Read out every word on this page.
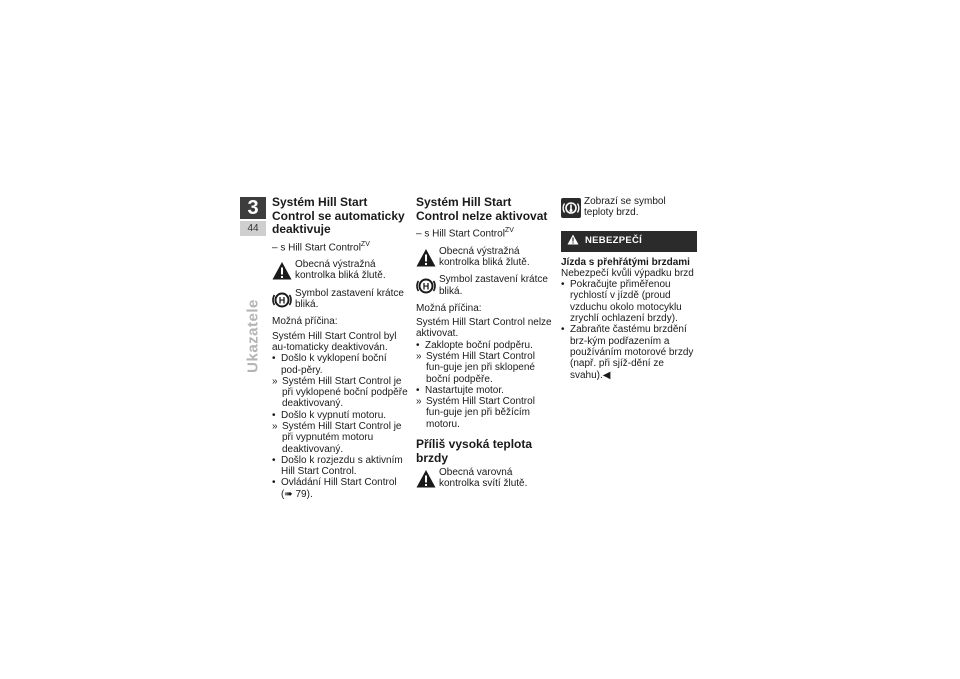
3
44
Ukazatele
Systém Hill Start Control se automaticky deaktivuje

– s Hill Start Control$^{ZV}$

Obecná výstražná kontrolka bliká žlutě.

H

Symbol zastavení krátce bliká.

Možná příčina:

Systém Hill Start Control byl au-tomaticky deaktivován.

• Došlo k vyklopení boční pod-pěry.
» Systém Hill Start Control je při vyklopené boční podpěře deaktivovaný.
• Došlo k vypnutí motoru.
» Systém Hill Start Control je při vypnutém motoru deaktivovaný.
• Došlo k rozjezdu s aktivním Hill Start Control.
• Ovládání Hill Start Control (➠ 79).
Systém Hill Start Control nelze aktivovat

– s Hill Start Control$^{ZV}$

Obecná výstražná kontrolka bliká žlutě.

H

Symbol zastavení krátce bliká.

Možná příčina:

Systém Hill Start Control nelze aktivovat.

• Zaklopte boční podpěru.
» Systém Hill Start Control fun-guje jen při sklopené boční podpěře.
• Nastartujte motor.
» Systém Hill Start Control fun-guje jen při běžícím motoru.
Příliš vysoká teplota brzdy

Obecná varovná kontrolka svítí žlutě.

Zobrazí se symbol teploty brzd.

NEBEZPEČÍ

Jízda s přehřátými brzdami

Nebezpečí kvůli výpadku brzd

• Pokračujte přiměřenou rychlostí v jízdě (proud vzduchu okolo motocyklu zrychlí ochlazení brzdy).
• Zabraňte častému brzdění brz-kým podřazením a používáním motorové brzdy (např. při sjíž-dění ze svahu).◀
